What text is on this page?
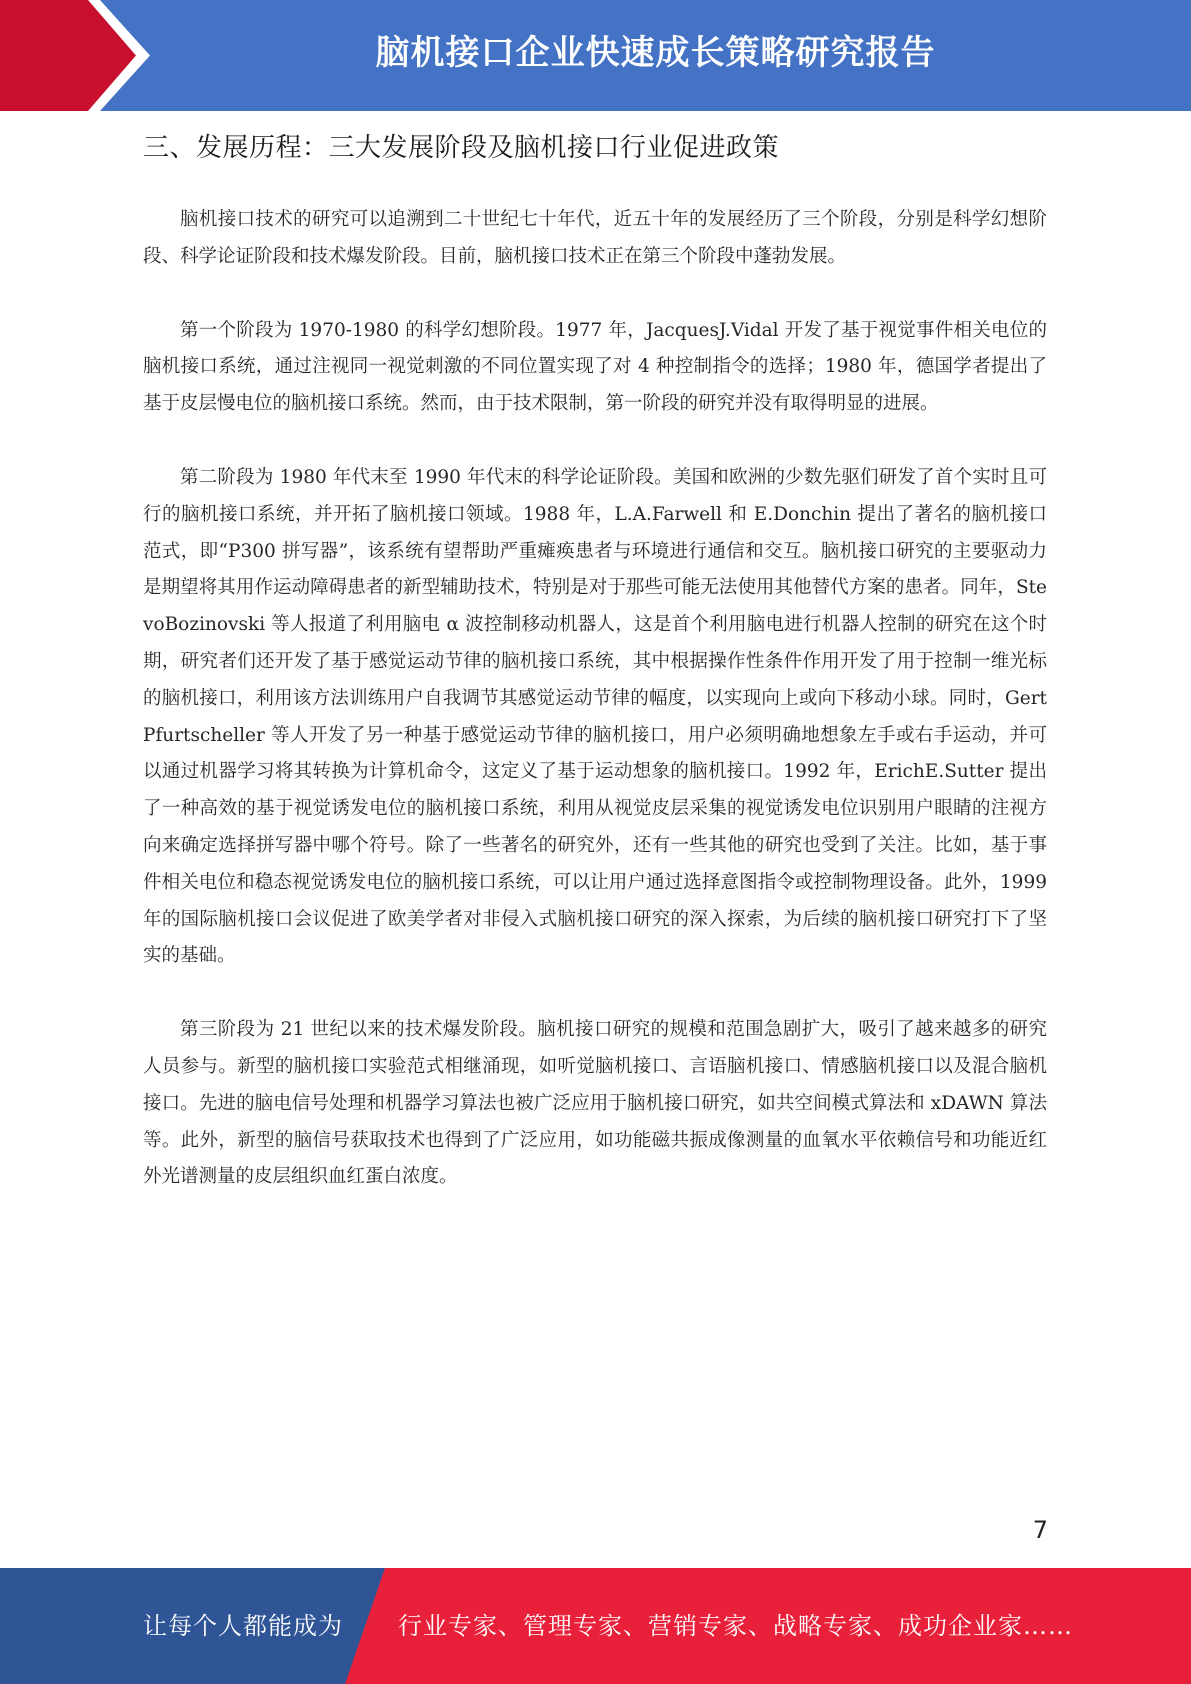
脑机接口企业快速成长策略研究报告
三、发展历程：三大发展阶段及脑机接口行业促进政策

脑机接口技术的研究可以追溯到二十世纪七十年代，近五十年的发展经历了三个阶段，分别是科学幻想阶段、科学论证阶段和技术爆发阶段。目前，脑机接口技术正在第三个阶段中蓬勃发展。

第一个阶段为 1970-1980 的科学幻想阶段。1977 年，JacquesJ.Vidal 开发了基于视觉事件相关电位的脑机接口系统，通过注视同一视觉刺激的不同位置实现了对 4 种控制指令的选择；1980 年，德国学者提出了基于皮层慢电位的脑机接口系统。然而，由于技术限制，第一阶段的研究并没有取得明显的进展。

第二阶段为 1980 年代末至 1990 年代末的科学论证阶段。美国和欧洲的少数先驱们研发了首个实时且可行的脑机接口系统，并开拓了脑机接口领域。1988 年，L.A.Farwell 和 E.Donchin 提出了著名的脑机接口范式，即“P300 拼写器”，该系统有望帮助严重瘫痪患者与环境进行通信和交互。脑机接口研究的主要驱动力是期望将其用作运动障碍患者的新型辅助技术，特别是对于那些可能无法使用其他替代方案的患者。同年，StevoBozinovski 等人报道了利用脑电 α 波控制移动机器人，这是首个利用脑电进行机器人控制的研究在这个时期，研究者们还开发了基于感觉运动节律的脑机接口系统，其中根据操作性条件作用开发了用于控制一维光标的脑机接口，利用该方法训练用户自我调节其感觉运动节律的幅度，以实现向上或向下移动小球。同时，GertPfurtscheller 等人开发了另一种基于感觉运动节律的脑机接口，用户必须明确地想象左手或右手运动，并可以通过机器学习将其转换为计算机命令，这定义了基于运动想象的脑机接口。1992 年，ErichE.Sutter 提出了一种高效的基于视觉诱发电位的脑机接口系统，利用从视觉皮层采集的视觉诱发电位识别用户眼睛的注视方向来确定选择拼写器中哪个符号。除了一些著名的研究外，还有一些其他的研究也受到了关注。比如，基于事件相关电位和稳态视觉诱发电位的脑机接口系统，可以让用户通过选择意图指令或控制物理设备。此外，1999 年的国际脑机接口会议促进了欧美学者对非侵入式脑机接口研究的深入探索，为后续的脑机接口研究打下了坚实的基础。

第三阶段为 21 世纪以来的技术爆发阶段。脑机接口研究的规模和范围急剧扩大，吸引了越来越多的研究人员参与。新型的脑机接口实验范式相继涌现，如听觉脑机接口、言语脑机接口、情感脑机接口以及混合脑机接口。先进的脑电信号处理和机器学习算法也被广泛应用于脑机接口研究，如共空间模式算法和 xDAWN 算法等。此外，新型的脑信号获取技术也得到了广泛应用，如功能磁共振成像测量的血氧水平依赖信号和功能近红外光谱测量的皮层组织血红蛋白浓度。

7
让每个人都能成为 行业专家、管理专家、营销专家、战略专家、成功企业家……
